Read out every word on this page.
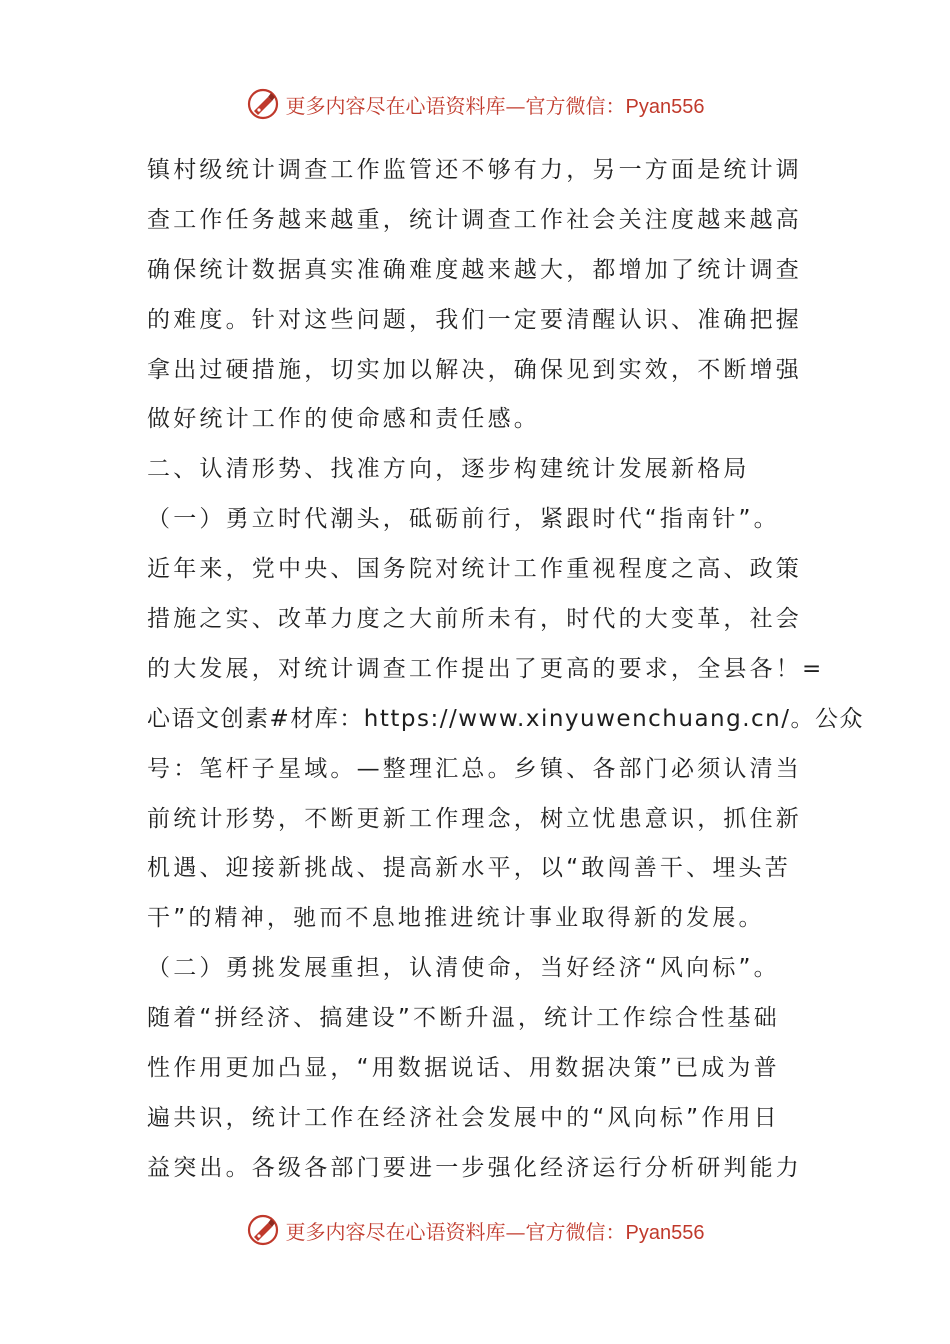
更多内容尽在心语资料库—官方微信：Pyan556
镇村级统计调查工作监管还不够有力，另一方面是统计调
查工作任务越来越重，统计调查工作社会关注度越来越高
确保统计数据真实准确难度越来越大，都增加了统计调查
的难度。针对这些问题，我们一定要清醒认识、准确把握
拿出过硬措施，切实加以解决，确保见到实效，不断增强
做好统计工作的使命感和责任感。
二、认清形势、找准方向，逐步构建统计发展新格局
（一）勇立时代潮头，砥砺前行，紧跟时代“指南针”。
近年来，党中央、国务院对统计工作重视程度之高、政策
措施之实、改革力度之大前所未有，时代的大变革，社会
的大发展，对统计调查工作提出了更高的要求，全县各！=
心语文创素#材库：https://www.xinyuwenchuang.cn/。公众
号：笔杆子星域。—整理汇总。乡镇、各部门必须认清当
前统计形势，不断更新工作理念，树立忧患意识，抓住新
机遇、迎接新挑战、提高新水平，以“敢闯善干、埋头苦
干”的精神，驰而不息地推进统计事业取得新的发展。
（二）勇挑发展重担，认清使命，当好经济“风向标”。
随着“拼经济、搞建设”不断升温，统计工作综合性基础
性作用更加凸显，“用数据说话、用数据决策”已成为普
遍共识，统计工作在经济社会发展中的“风向标”作用日
益突出。各级各部门要进一步强化经济运行分析研判能力
更多内容尽在心语资料库—官方微信：Pyan556
